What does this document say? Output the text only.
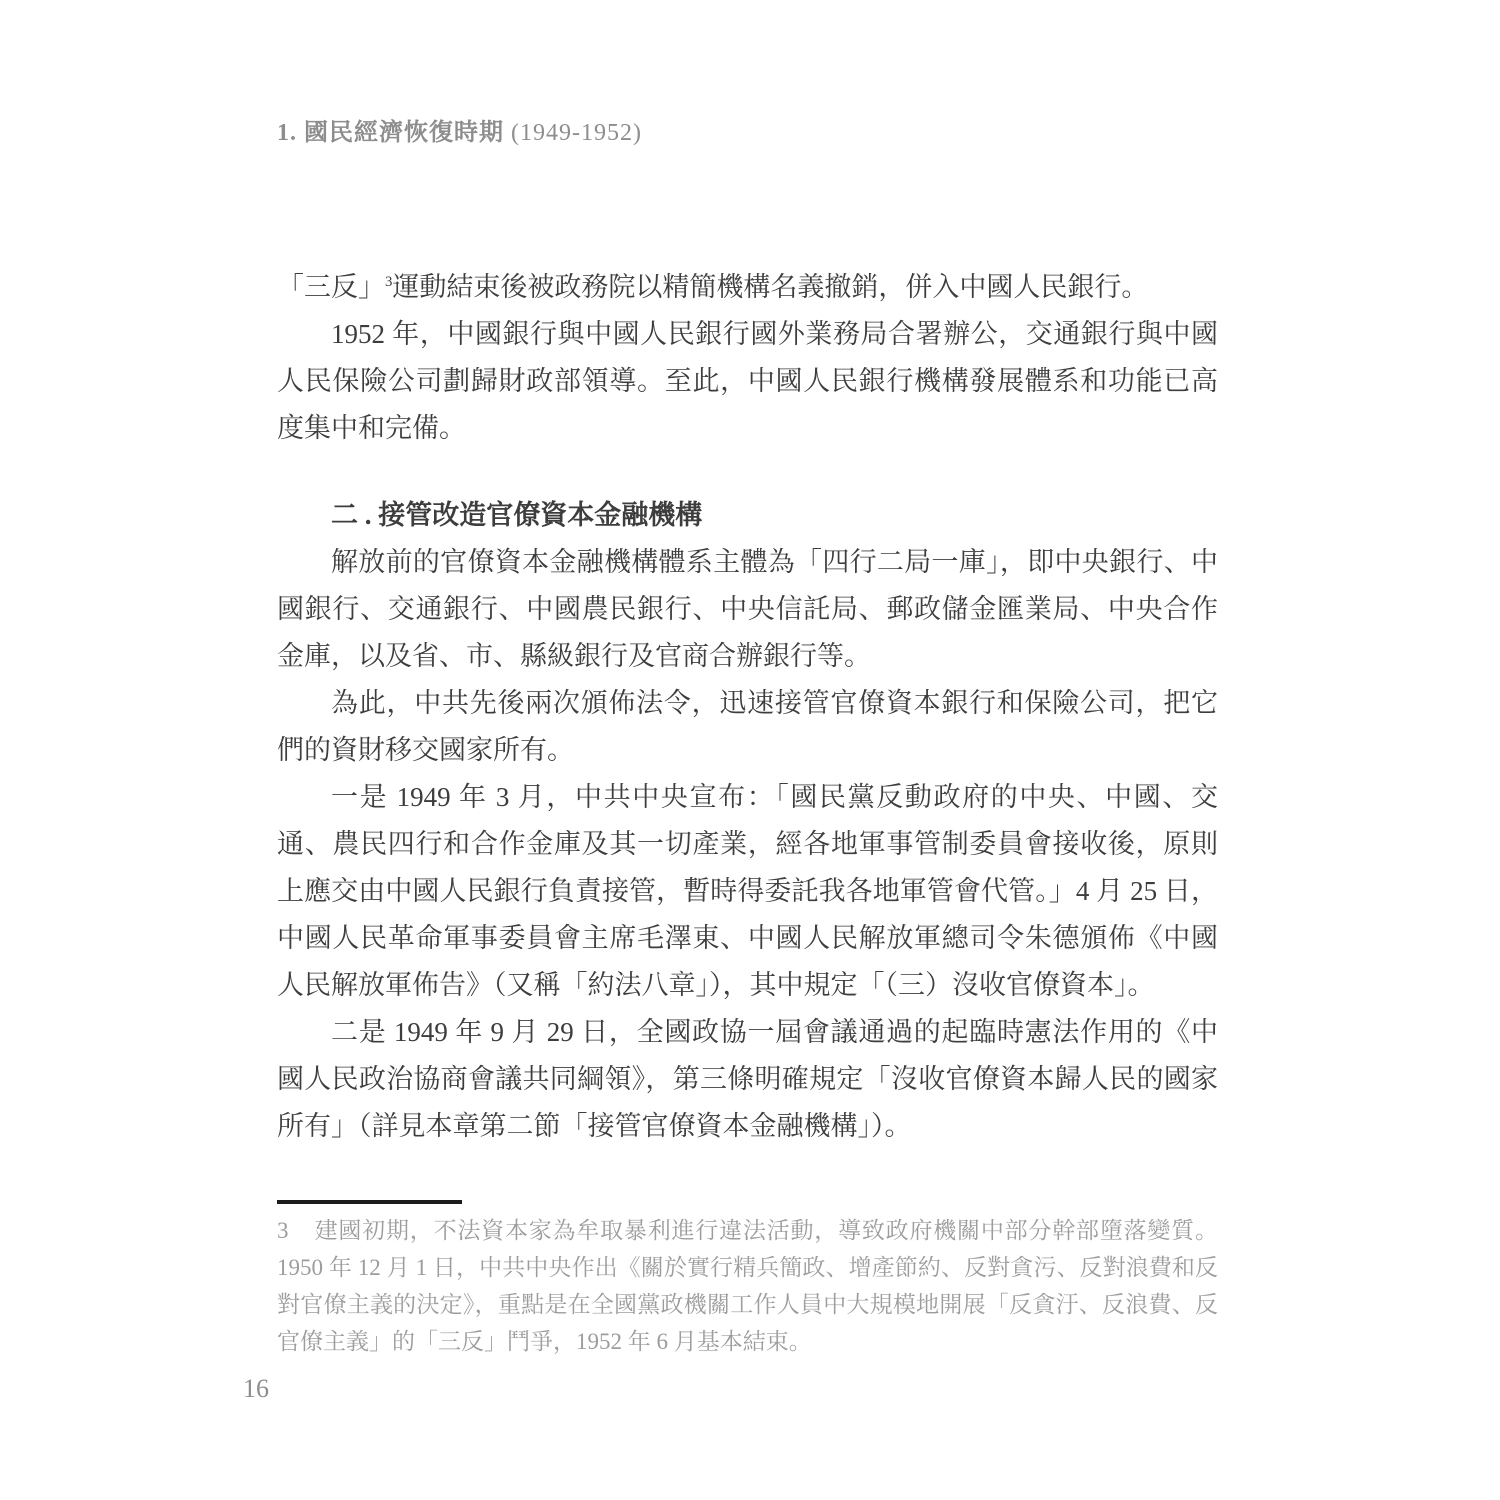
1. 國民經濟恢復時期 (1949-1952)

「三反」$^3$運動結束後被政務院以精簡機構名義撤銷，併入中國人民銀行。

1952 年，中國銀行與中國人民銀行國外業務局合署辦公，交通銀行與中國人民保險公司劃歸財政部領導。至此，中國人民銀行機構發展體系和功能已高度集中和完備。

二 . 接管改造官僚資本金融機構

解放前的官僚資本金融機構體系主體為「四行二局一庫」，即中央銀行、中國銀行、交通銀行、中國農民銀行、中央信託局、郵政儲金匯業局、中央合作金庫，以及省、市、縣級銀行及官商合辦銀行等。

為此，中共先後兩次頒佈法令，迅速接管官僚資本銀行和保險公司，把它們的資財移交國家所有。

一是 1949 年 3 月，中共中央宣布：「國民黨反動政府的中央、中國、交通、農民四行和合作金庫及其一切產業，經各地軍事管制委員會接收後，原則上應交由中國人民銀行負責接管，暫時得委託我各地軍管會代管。」4 月 25 日，中國人民革命軍事委員會主席毛澤東、中國人民解放軍總司令朱德頒佈《中國人民解放軍佈告》（又稱「約法八章」），其中規定「（三）沒收官僚資本」。

二是 1949 年 9 月 29 日，全國政協一屆會議通過的起臨時憲法作用的《中國人民政治協商會議共同綱領》，第三條明確規定「沒收官僚資本歸人民的國家所有」（詳見本章第二節「接管官僚資本金融機構」）。

3 建國初期，不法資本家為牟取暴利進行違法活動，導致政府機關中部分幹部墮落變質。1950 年 12 月 1 日，中共中央作出《關於實行精兵簡政、增產節約、反對貪污、反對浪費和反對官僚主義的決定》，重點是在全國黨政機關工作人員中大規模地開展「反貪汙、反浪費、反官僚主義」的「三反」鬥爭，1952 年 6 月基本結束。

16
